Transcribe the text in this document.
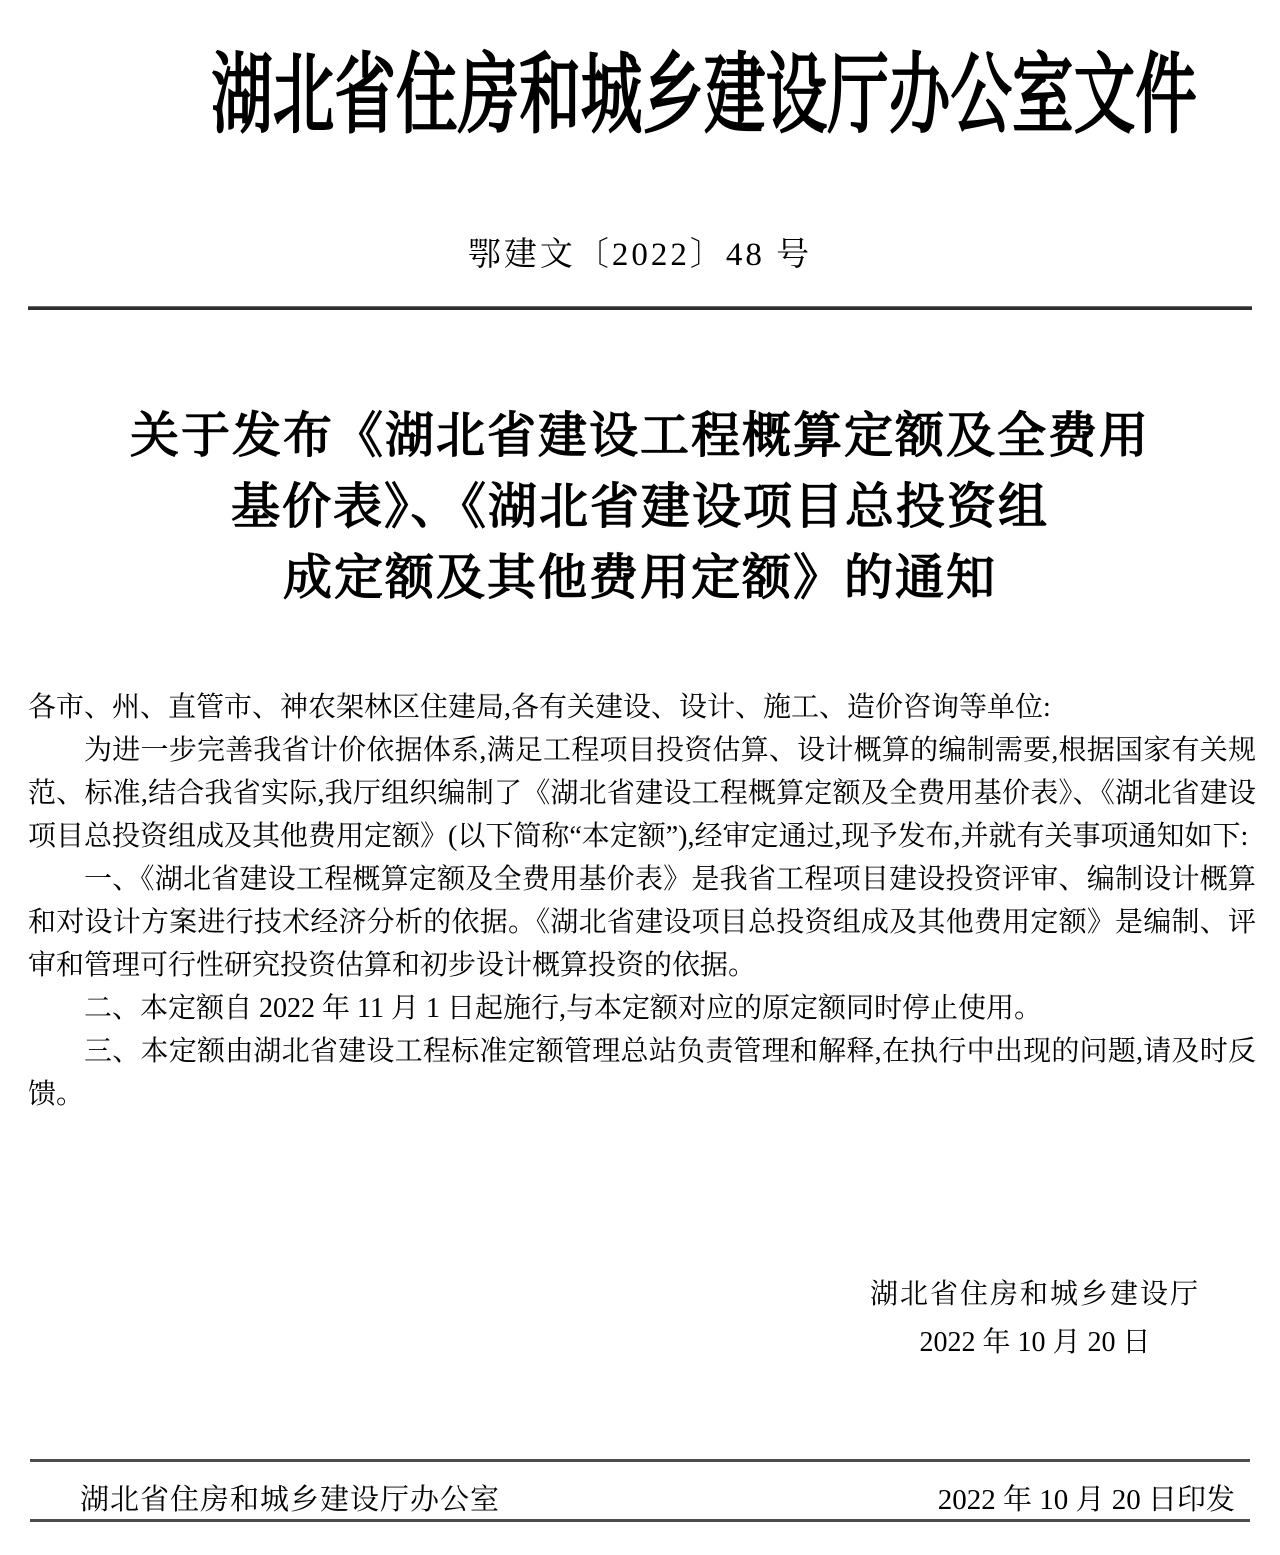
湖北省住房和城乡建设厅办公室文件
鄂建文〔2022〕48 号
关于发布《湖北省建设工程概算定额及全费用
基价表》、《湖北省建设项目总投资组
成定额及其他费用定额》的通知

各市、州、直管市、神农架林区住建局,各有关建设、设计、施工、造价咨询等单位:

为进一步完善我省计价依据体系,满足工程项目投资估算、设计概算的编制需要,根据国家有关规范、标准,结合我省实际,我厅组织编制了《湖北省建设工程概算定额及全费用基价表》、《湖北省建设项目总投资组成及其他费用定额》(以下简称“本定额”),经审定通过,现予发布,并就有关事项通知如下:

一、《湖北省建设工程概算定额及全费用基价表》是我省工程项目建设投资评审、编制设计概算和对设计方案进行技术经济分析的依据。《湖北省建设项目总投资组成及其他费用定额》是编制、评审和管理可行性研究投资估算和初步设计概算投资的依据。

二、本定额自 2022 年 11 月 1 日起施行,与本定额对应的原定额同时停止使用。

三、本定额由湖北省建设工程标准定额管理总站负责管理和解释,在执行中出现的问题,请及时反馈。

湖北省住房和城乡建设厅
2022 年 10 月 20 日
湖北省住房和城乡建设厅办公室	2022 年 10 月 20 日印发
